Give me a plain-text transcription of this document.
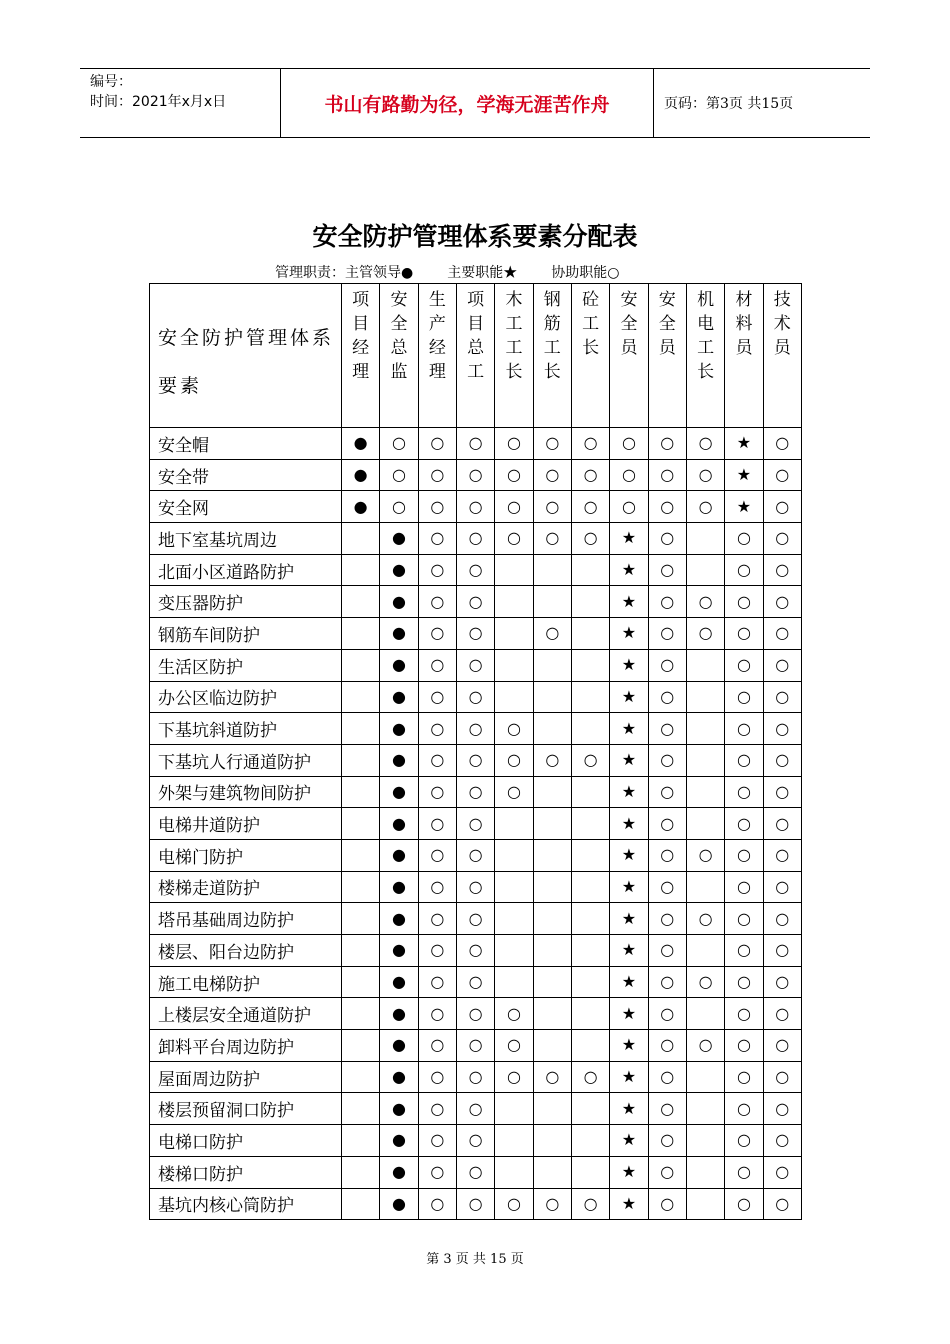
编号：
时间：2021年x月x日	书山有路勤为径，学海无涯苦作舟	页码：第3页 共15页
安全防护管理体系要素分配表
管理职责：主管领导● 主要职能★ 协助职能○
安全防护管理体系要素	项目经理	安全总监	生产经理	项目总工	木工工长	钢筋工长	砼工长	安全员	安全员	机电工长	材料员	技术员

安全帽	●	○	○	○	○	○	○	○	○	○	★	○
安全带	●	○	○	○	○	○	○	○	○	○	★	○
安全网	●	○	○	○	○	○	○	○	○	○	★	○
地下室基坑周边		●	○	○	○	○	○	★	○		○	○
北面小区道路防护		●	○	○				★	○		○	○
变压器防护		●	○	○				★	○	○	○	○
钢筋车间防护		●	○	○		○		★	○	○	○	○
生活区防护		●	○	○				★	○		○	○
办公区临边防护		●	○	○				★	○		○	○
下基坑斜道防护		●	○	○	○			★	○		○	○
下基坑人行通道防护		●	○	○	○	○	○	★	○		○	○
外架与建筑物间防护		●	○	○	○			★	○		○	○
电梯井道防护		●	○	○				★	○		○	○
电梯门防护		●	○	○				★	○	○	○	○
楼梯走道防护		●	○	○				★	○		○	○
塔吊基础周边防护		●	○	○				★	○	○	○	○
楼层、阳台边防护		●	○	○				★	○		○	○
施工电梯防护		●	○	○				★	○	○	○	○
上楼层安全通道防护		●	○	○	○			★	○		○	○
卸料平台周边防护		●	○	○	○			★	○	○	○	○
屋面周边防护		●	○	○	○	○	○	★	○		○	○
楼层预留洞口防护		●	○	○				★	○		○	○
电梯口防护		●	○	○				★	○		○	○
楼梯口防护		●	○	○				★	○		○	○
基坑内核心筒防护		●	○	○	○	○	○	★	○		○	○
第 3 页 共 15 页
